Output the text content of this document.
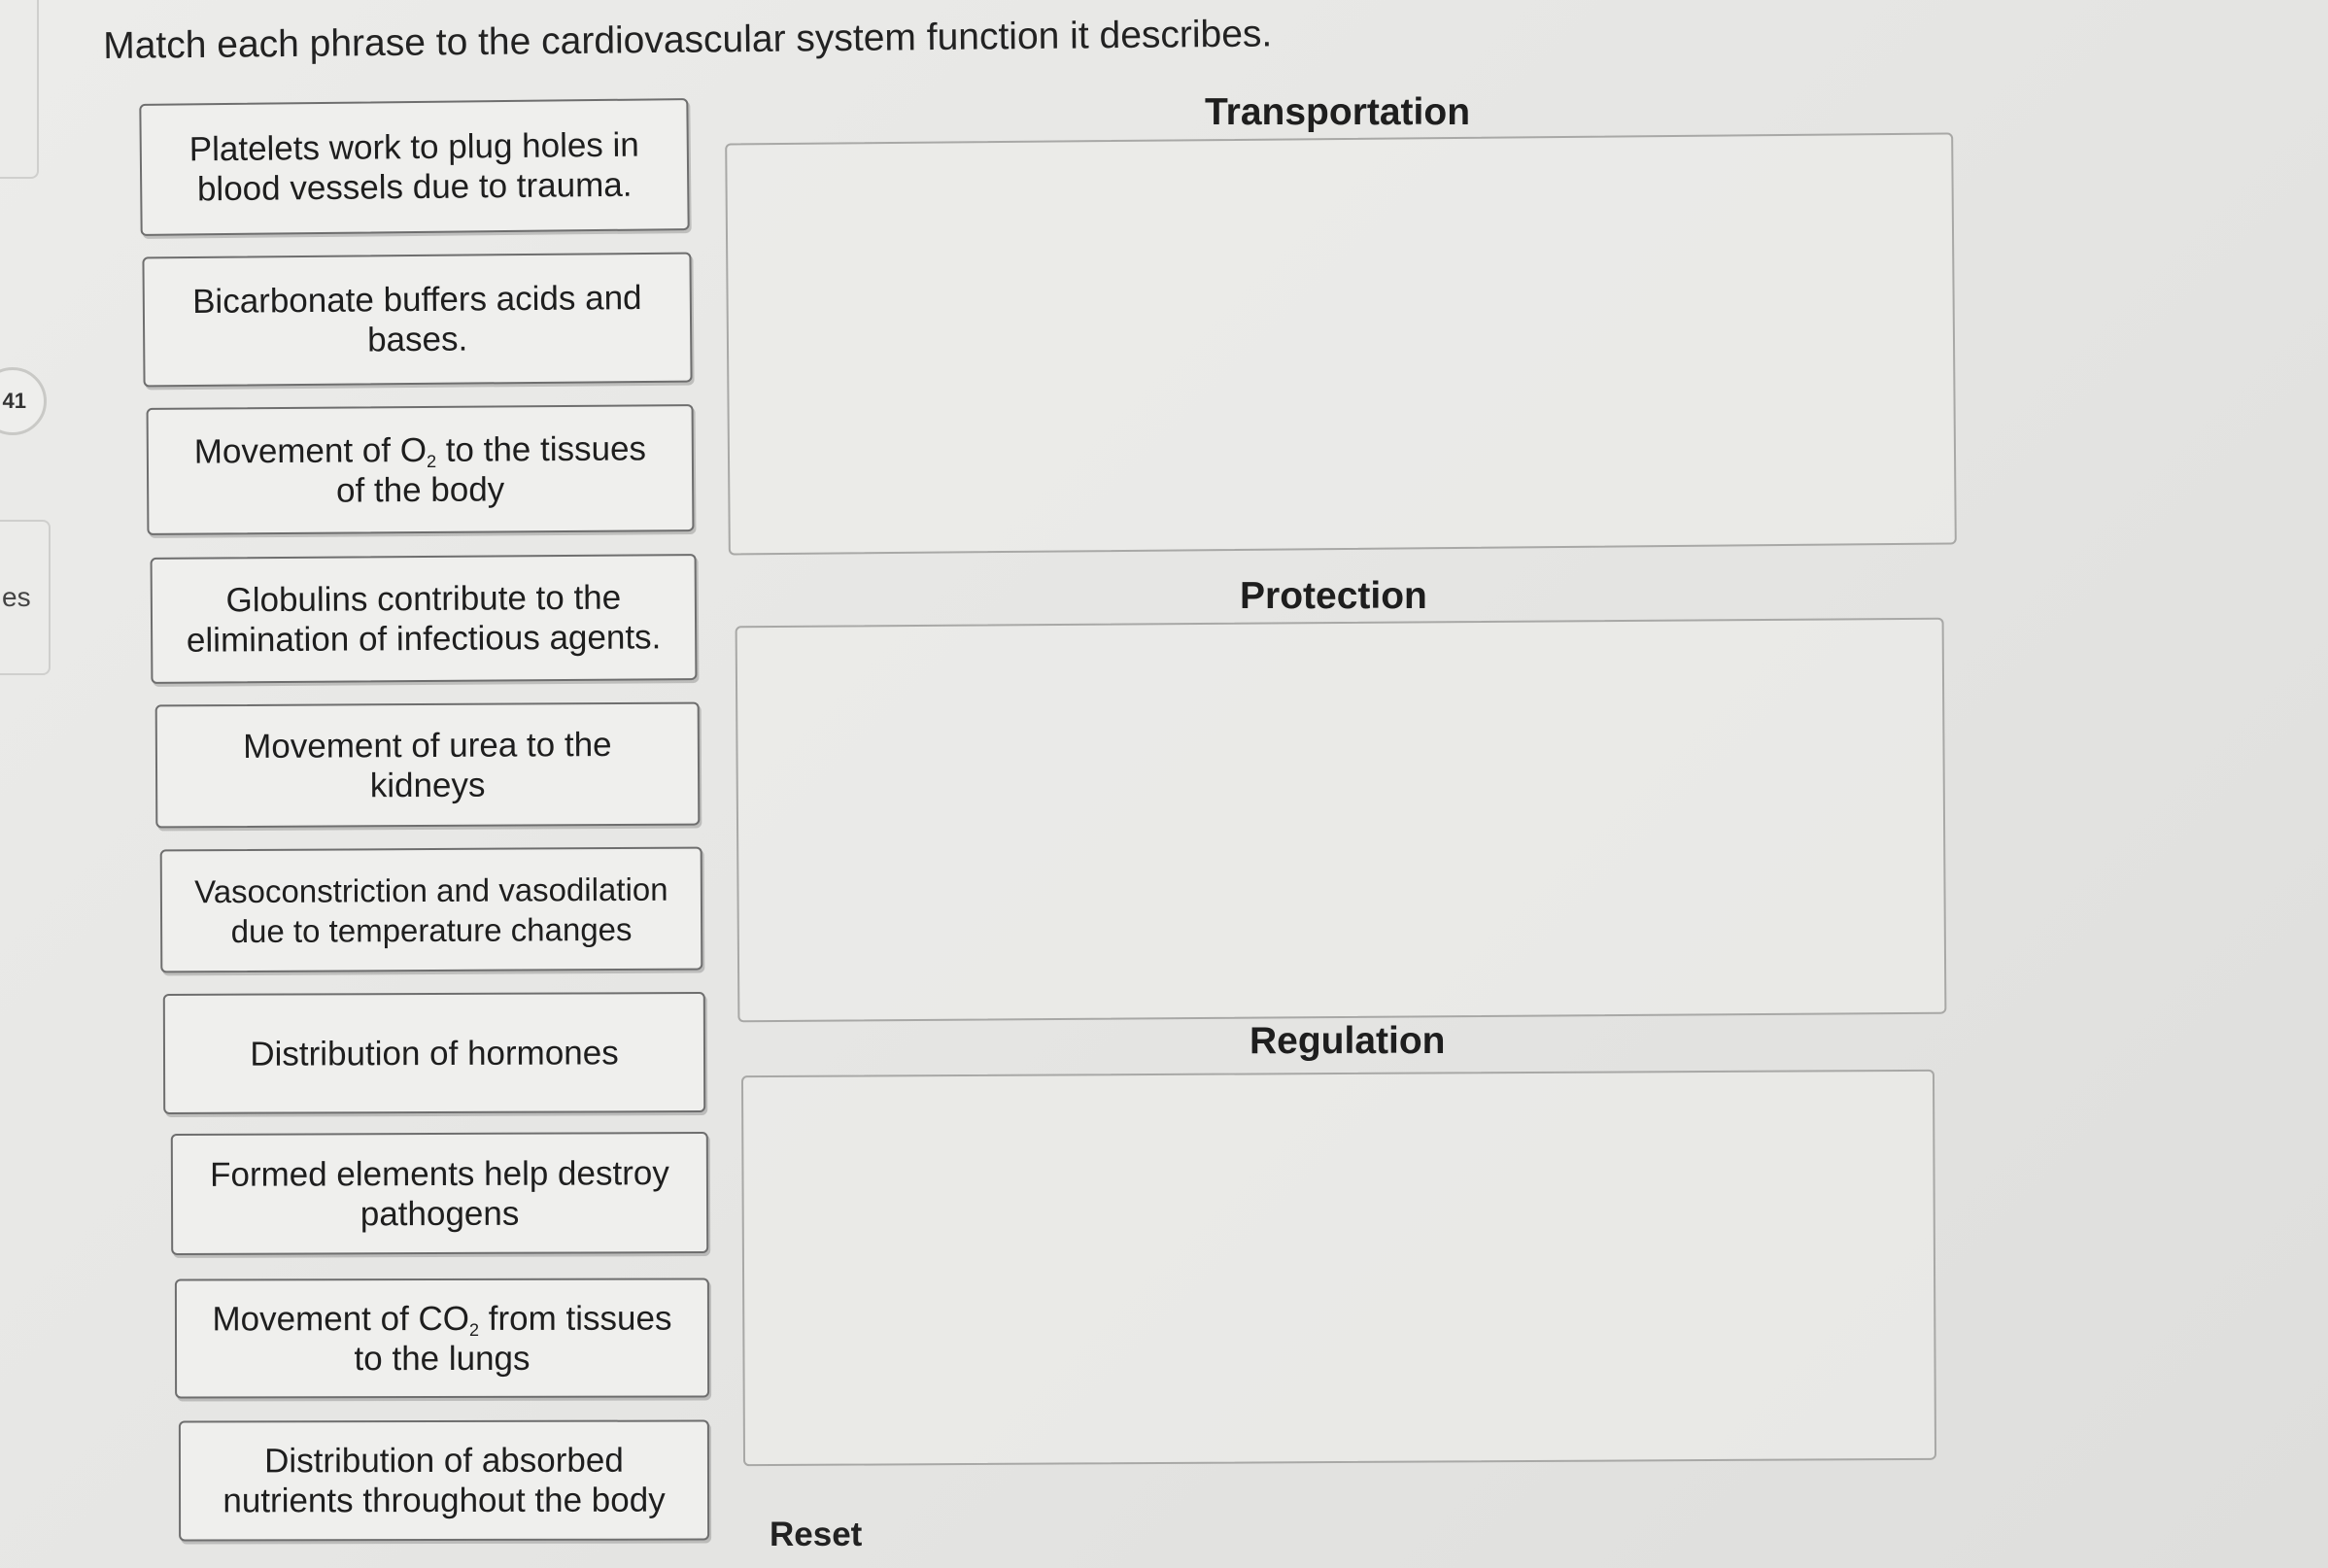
41
es
Match each phrase to the cardiovascular system function it describes.
Platelets work to plug holes in
blood vessels due to trauma.
Bicarbonate buffers acids and
bases.
Movement of $O_2$ to the tissues
of the body
Globulins contribute to the
elimination of infectious agents.
Movement of urea to the
kidneys
Vasoconstriction and vasodilation
due to temperature changes
Distribution of hormones
Formed elements help destroy
pathogens
Movement of $CO_2$ from tissues
to the lungs
Distribution of absorbed
nutrients throughout the body
Transportation
Protection
Regulation
Reset
